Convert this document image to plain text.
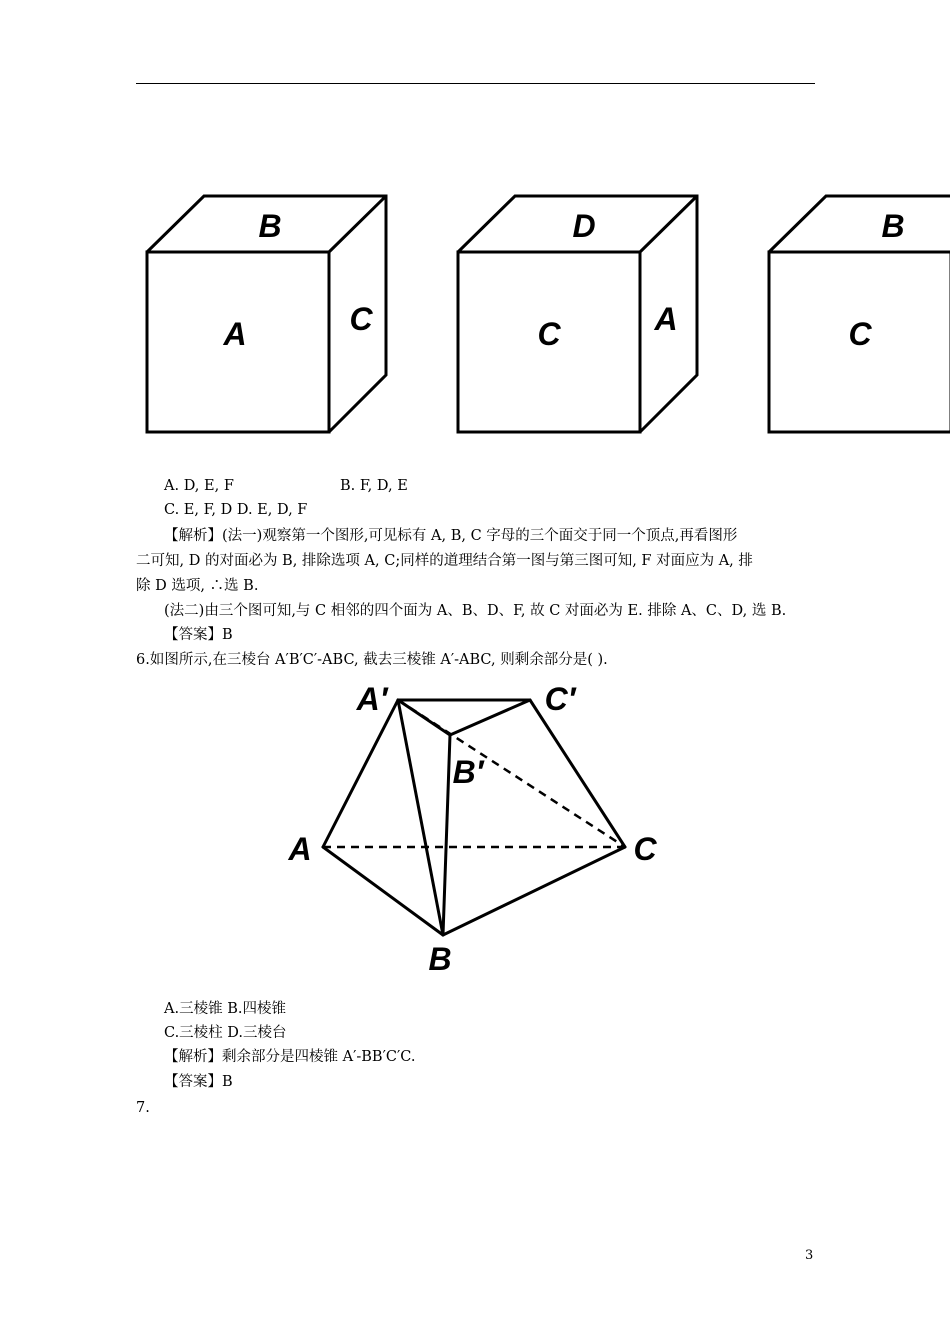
B
A	C
D
C	A
B
C
A. D, E, F	B. F, D, E
C. E, F, D D. E, D, F
【解析】(法一)观察第一个图形,可见标有 A, B, C 字母的三个面交于同一个顶点,再看图形
二可知, D 的对面必为 B, 排除选项 A, C;同样的道理结合第一图与第三图可知, F 对面应为 A, 排
除 D 选项, ∴选 B.
(法二)由三个图可知,与 C 相邻的四个面为 A、B、D、F, 故 C 对面必为 E. 排除 A、C、D, 选 B.
【答案】B
6.如图所示,在三棱台 A′B′C′-ABC, 截去三棱锥 A′-ABC, 则剩余部分是( ).
A′	C′
B′
A	C
B
A.三棱锥 B.四棱锥
C.三棱柱 D.三棱台
【解析】剩余部分是四棱锥 A′-BB′C′C.
【答案】B
7.
3
